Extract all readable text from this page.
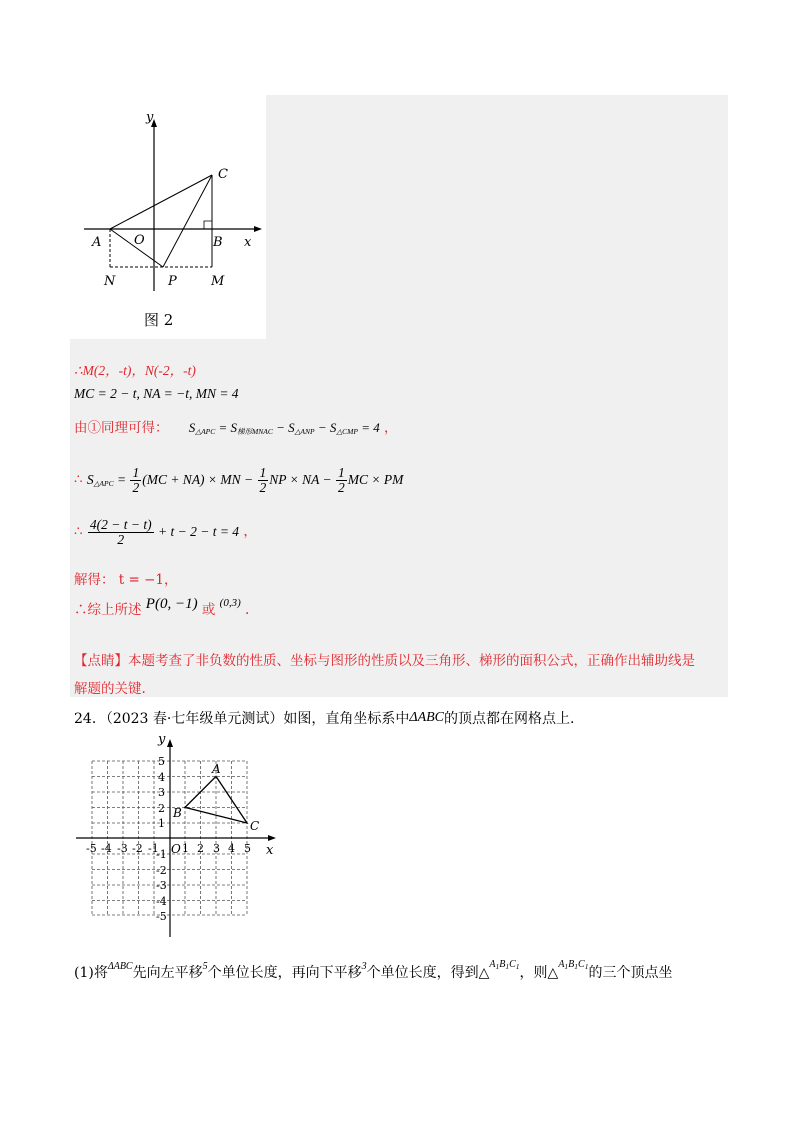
y
x
C
A	O	B
N	P	M
图 2
∴M(2，-t)，N(-2，-t)
MC = 2 − t, NA = −t, MN = 4
由①同理可得： $S_{\triangle APC} = S_{梯形MNAC} - S_{\triangle ANP} - S_{\triangle CMP} = 4$ ，
∴ $S_{\triangle APC} = \frac{1}{2} (MC + NA)$ × MN − $\frac{1}{2}$ NP × NA − $\frac{1}{2}$ MC × PM
∴ $\frac{4(2 - t - t)}{2} + t - 2 - t = 4$ ，
解得： t = −1，
∴综上所述 P(0, −1) 或 $^{(0,3)}$ .
【点睛】本题考查了非负数的性质、坐标与图形的性质以及三角形、梯形的面积公式，正确作出辅助线是
解题的关键.
24．（2023 春·七年级单元测试）如图，直角坐标系中ΔABC的顶点都在网格点上.
y
x
O
A
B
C
-5 -4 -3 -2 -1 1 2 3 4 5
5
4
3
2
1
-1
-2
-3
-4
-5
(1)将$^{\Delta ABC}$先向左平移$^5$个单位长度，再向下平移$^3$个单位长度，得到△$^{A_1B_1C_1}$，则△$^{A_1B_1C_1}$的三个顶点坐
